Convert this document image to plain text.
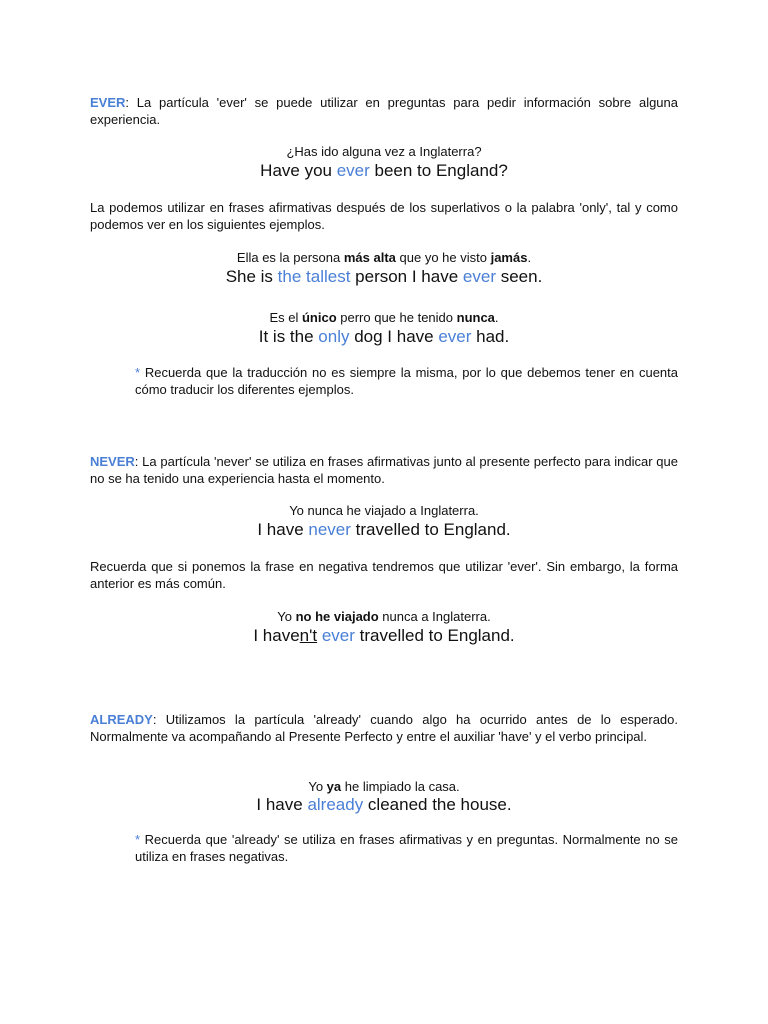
EVER: La partícula 'ever' se puede utilizar en preguntas para pedir información sobre alguna experiencia.
¿Has ido alguna vez a Inglaterra?
Have you ever been to England?
La podemos utilizar en frases afirmativas después de los superlativos o la palabra 'only', tal y como podemos ver en los siguientes ejemplos.
Ella es la persona más alta que yo he visto jamás.
She is the tallest person I have ever seen.
Es el único perro que he tenido nunca.
It is the only dog I have ever had.
* Recuerda que la traducción no es siempre la misma, por lo que debemos tener en cuenta cómo traducir los diferentes ejemplos.
NEVER: La partícula 'never' se utiliza en frases afirmativas junto al presente perfecto para indicar que no se ha tenido una experiencia hasta el momento.
Yo nunca he viajado a Inglaterra.
I have never travelled to England.
Recuerda que si ponemos la frase en negativa tendremos que utilizar 'ever'. Sin embargo, la forma anterior es más común.
Yo no he viajado nunca a Inglaterra.
I haven't ever travelled to England.
ALREADY: Utilizamos la partícula 'already' cuando algo ha ocurrido antes de lo esperado. Normalmente va acompañando al Presente Perfecto y entre el auxiliar 'have' y el verbo principal.
Yo ya he limpiado la casa.
I have already cleaned the house.
* Recuerda que 'already' se utiliza en frases afirmativas y en preguntas. Normalmente no se utiliza en frases negativas.
